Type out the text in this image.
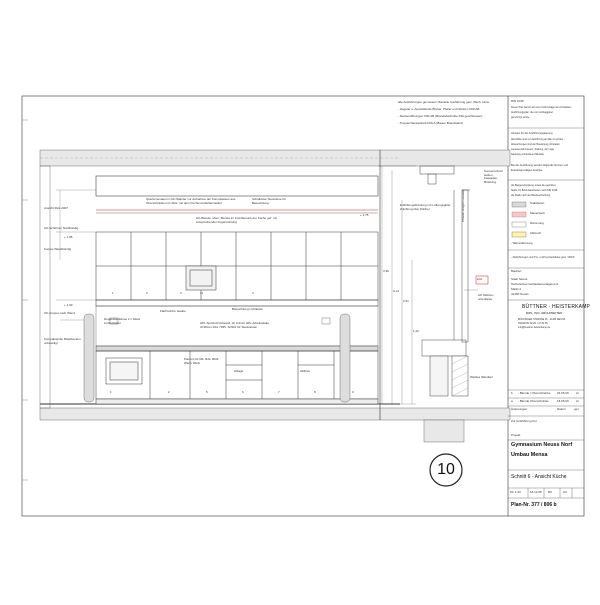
alle Ausführungen gemessen: Bauteile Ausführung gem. Bauh. Hinw.
- Hegeter u. Ausstellende Bretter, Pfeiler und Stützen F90-AB
- Deckenöffnungen F90-AB (Brandabschnitte F90 geschlossen)
- Treppenhausantrieb F90-A (Bauen Brandwand)
DIN 1045
Dieser Plan beruht auf einer CAD-Anlage der Architekten
Ausführungsplan, die vom Auftraggeber
genehmigt wurde.
Hinweis für die Ausführungsplanung
Alle Maße sind vor Ausführung am Bau zu prüfen
Abweichungen sind der Bauleitung mitzuteilen
Genaues Einmessen, Stellung, der Lage
bauseitig vorhandener Bauteile
Bei der Ausführung werden folgende Normen und
Entwurfsgrundlagen beachtet:
die Baugenehmigung, sowie die geprüften
Statik, für Betonbauarbeiten nach DIN 1045
die Statik nach der Baubeschreibung
Stahlbeton
Mauerwerk
Dämmung
Abbruch
- Wärmedämmung
- Abdichtungen und Tür- und Fensterbänke gem. OKFF
Bauherr
Stadt Neuss
Technisches Gebäudemanagement
Markt 2
41460 Neuss
BÜTTNER · HEISTERKAMP
DIPL. ING. ARCHITEKTEN
BÖCKINGER STRASSE 45 · 41460 NEUSS
TELEFON 02131 / 27 84 55
info@buettner-heisterkamp.de
b - Blende / Oberschränke 29.05.09 Ar
a - Blende Oberschränke	18.05.09 Ar
Änderungen	Datum	gez.
Zur Ausführung frei:
Projekt
Gymnasium Neuss Norf
Umbau Mensa
Schnitt 6 - Ansicht Küche
M≈ 1:20	18.12.08 BU	A3
Plan-Nr. 377 / 806 b
10
Querlemenaten in GK-Ständer zur Aufnahme der Konsolleisten aus Oberschränken (in Abst. mit dem Küchenmöbelhersteller)
Schalldose Steckdose für Beleuchtung
GK-Blende, eben, Blende im Frontbereich der Küche gef. mit entsprechender Fugenrichtung
1	2	3	11	4
Flachschirm Haube	Beleuchtung Lichtleiste
HPL Spritzschutzwand, d= 9,2mm HPL Arbeitsplatte, d=38mm RAL 7035, Schlitz für Steckdosen
Doppelsteckdose 2 x Stück Lichtschalter
Pantum für Mk. RAL 9002 Warm Weiß
Ablage	Abfluss
1	2	5	6	7	8	9
Ansicht RAL 2007
GK-Schürzen Nordbündig
+ 1,95
Korpus Wandbündig
+ 1,90
OK-Korpus nach Wand
Kompaktspüle Mittelbecken unbeteiligt
+ 2,75
3,36
3,14
2,51
1,22
Entlüftungsbrüstung mit Lüftungsgitter, Zuluftung über Dächer
Sonnenschutz außen, Fassaden-Brüstung
AK Stützen-unterkante
E04
Weißes Wandteil
Pfosten-Riegel Fassade
